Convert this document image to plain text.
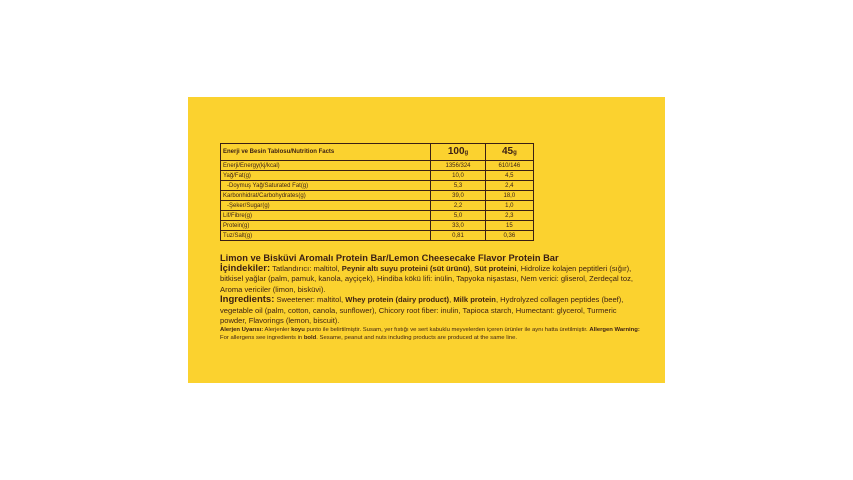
Enerji ve Besin Tablosu/Nutrition Facts	100g	45g
Enerji/Energy(kj/kcal)	1356/324	610/146
Yağ/Fat(g)	10,0	4,5
-Doymuş Yağ/Saturated Fat(g)	5,3	2,4
Karbonhidrat/Carbohydrates(g)	39,0	18,0
-Şeker/Sugar(g)	2,2	1,0
Lif/Fibre(g)	5,0	2,3
Protein(g)	33,0	15
Tuz/Salt(g)	0,81	0,36
Limon ve Bisküvi Aromalı Protein Bar/Lemon Cheesecake Flavor Protein Bar
İçindekiler: Tatlandırıcı: maltitol, Peynir altı suyu proteini (süt ürünü), Süt proteini, Hidrolize kolajen peptitleri (sığır), bitkisel yağlar (palm, pamuk, kanola, ayçiçek), Hindiba kökü lifi: inülin, Tapyoka nişastası, Nem verici: gliserol, Zerdeçal toz, Aroma vericiler (limon, bisküvi).
Ingredients: Sweetener: maltitol, Whey protein (dairy product), Milk protein, Hydrolyzed collagen peptides (beef), vegetable oil (palm, cotton, canola, sunflower), Chicory root fiber: inulin, Tapioca starch, Humectant: glycerol, Turmeric powder, Flavorings (lemon, biscuit).
Alerjen Uyarısı: Alerjenler koyu punto ile belirtilmiştir. Susam, yer fıstığı ve sert kabuklu meyvelerden içeren ürünler ile aynı hatta üretilmiştir. Allergen Warning: For allergens see ingredients in bold. Sesame, peanut and nuts including products are produced at the same line.
